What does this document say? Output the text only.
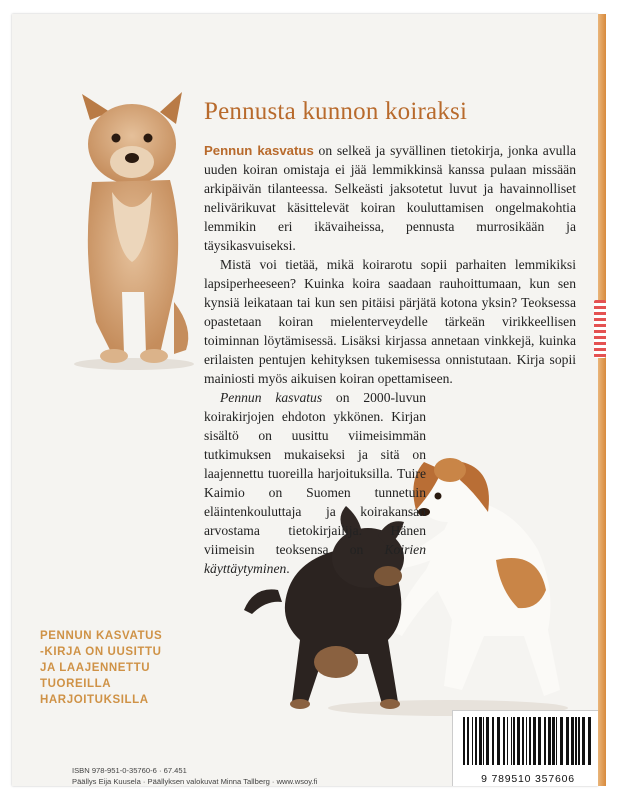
Pennusta kunnon koiraksi

Pennun kasvatus on selkeä ja syvällinen tietokirja, jonka avulla uuden koiran omistaja ei jää lemmikkinsä kanssa pulaan missään arkipäivän tilanteessa. Selkeästi jaksotetut luvut ja havainnolliset nelivärikuvat käsittelevät koiran kouluttamisen ongelmakohtia lemmikin eri ikävaiheissa, pennusta murrosikään ja täysikasvuiseksi.

Mistä voi tietää, mikä koirarotu sopii parhaiten lemmikiksi lapsiperheeseen? Kuinka koira saadaan rauhoittumaan, kun sen kynsiä leikataan tai kun sen pitäisi pärjätä kotona yksin? Teoksessa opastetaan koiran mielenterveydelle tärkeän virikkeellisen toiminnan löytämisessä. Lisäksi kirjassa annetaan vinkkejä, kuinka erilaisten pentujen kehityksen tukemisessa onnistutaan. Kirja sopii mainiosti myös aikuisen koiran opettamiseen.

Pennun kasvatus on 2000-luvun koirakirjojen ehdoton ykkönen. Kirjan sisältö on uusittu viimeisimmän tutkimuksen mukaiseksi ja sitä on laajennettu tuoreilla harjoituksilla. Tuire Kaimio on Suomen tunnetuin eläintenkouluttaja ja koirakansan arvostama tietokirjailija. Hänen viimeisin teoksensa on Koirien käyttäytyminen.

PENNUN KASVATUS
-KIRJA ON UUSITTU
JA LAAJENNETTU
TUOREILLA
HARJOITUKSILLA
ISBN 978-951-0-35760-6 · 67.451
Päällys Eija Kuusela · Päällyksen valokuvat Minna Tallberg · www.wsoy.fi	9 789510 357606
